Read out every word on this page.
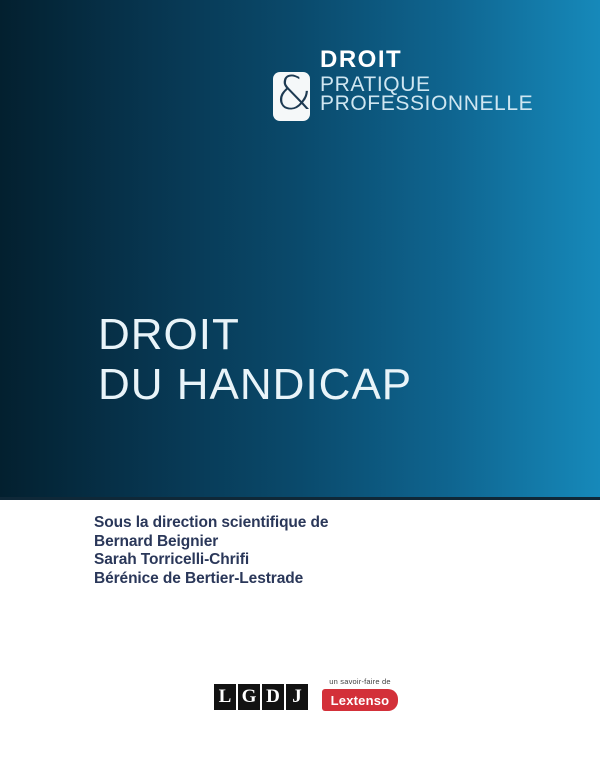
&
DROIT
PRATIQUE
PROFESSIONNELLE
DROIT
DU HANDICAP
Sous la direction scientifique de
Bernard Beignier
Sarah Torricelli-Chrifi
Bérénice de Bertier-Lestrade
L G D J
un savoir-faire de
Lextenso
